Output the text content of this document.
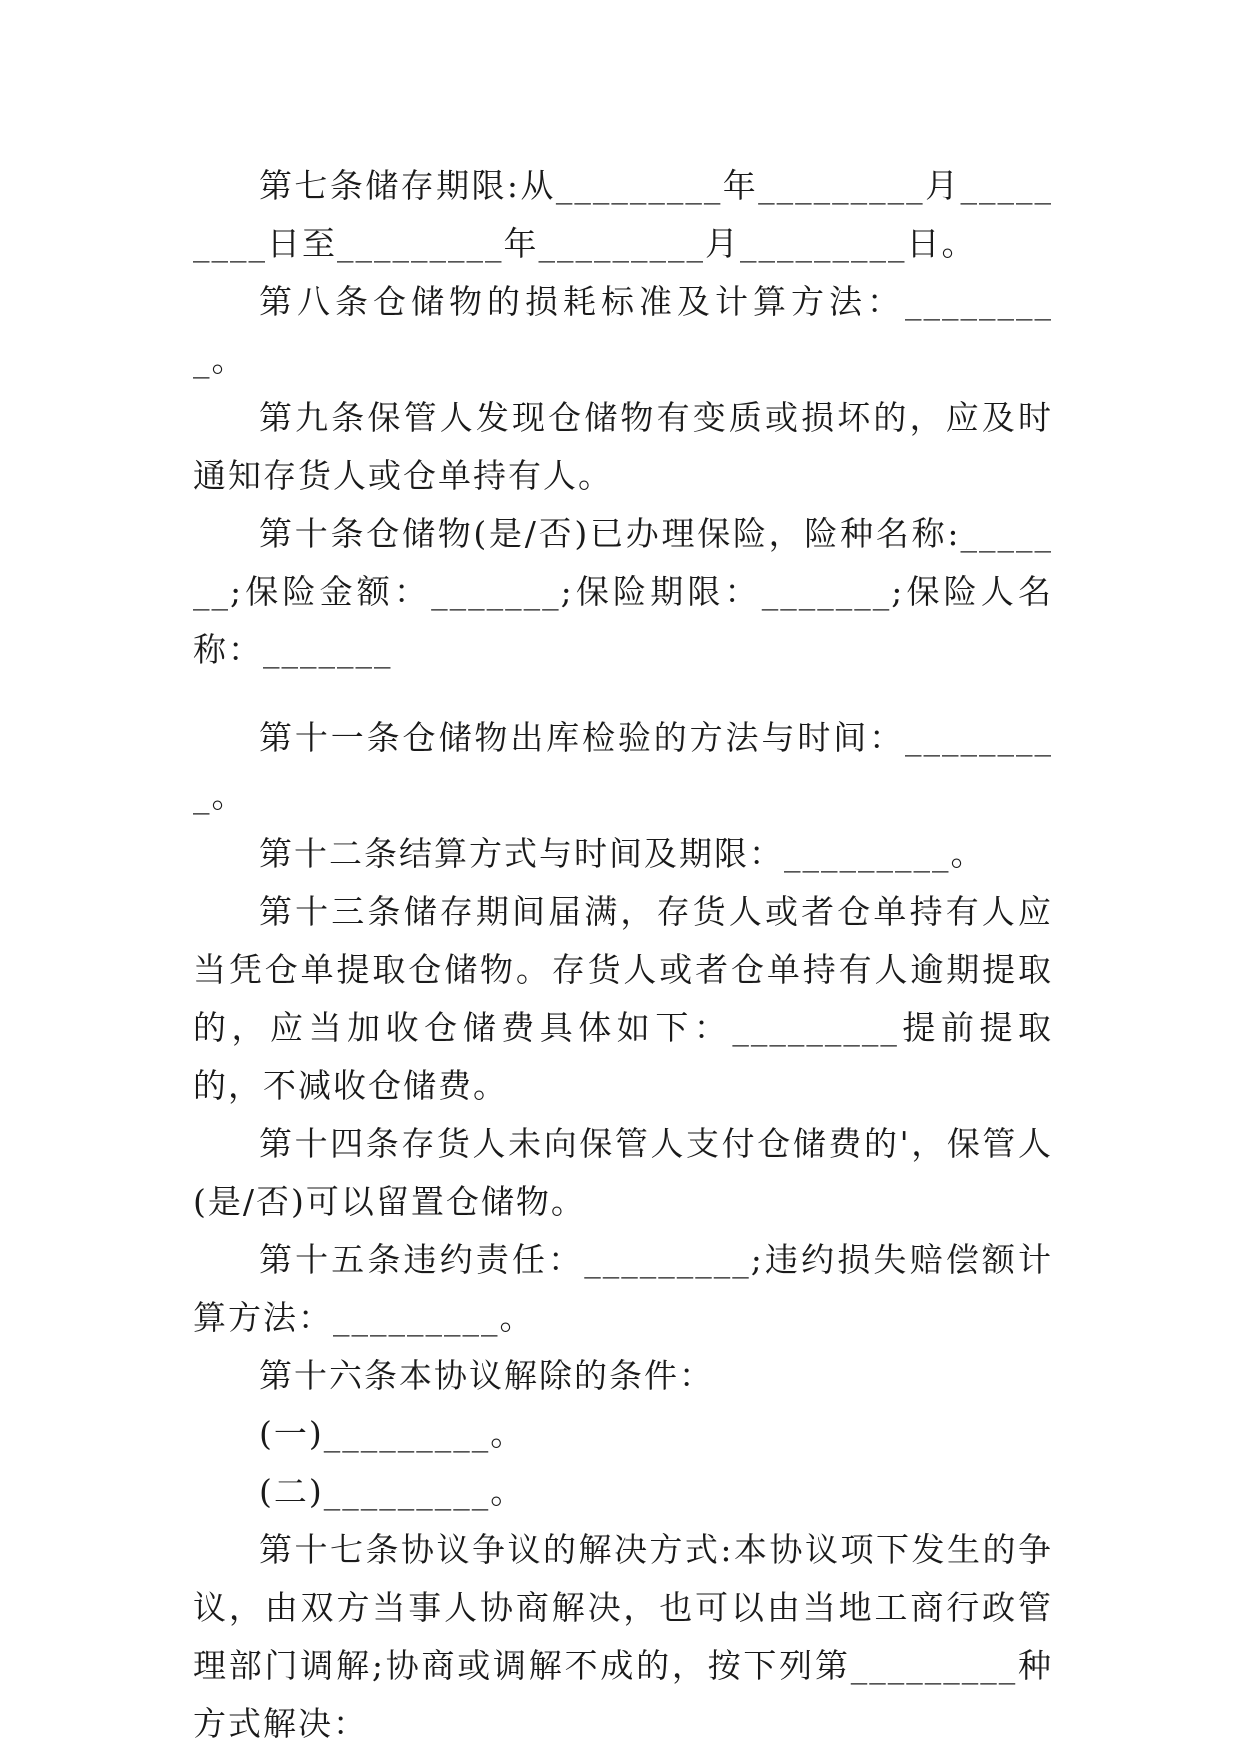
第七条储存期限:从_________年_________月_________日至_________年_________月_________日。

第八条仓储物的损耗标准及计算方法：_________。

第九条保管人发现仓储物有变质或损坏的，应及时通知存货人或仓单持有人。

第十条仓储物(是/否)已办理保险，险种名称:_______;保险金额：_______;保险期限：_______;保险人名称：_______

第十一条仓储物出库检验的方法与时间：_________。

第十二条结算方式与时间及期限：_________。

第十三条储存期间届满，存货人或者仓单持有人应当凭仓单提取仓储物。存货人或者仓单持有人逾期提取的，应当加收仓储费具体如下：_________提前提取的，不减收仓储费。

第十四条存货人未向保管人支付仓储费的'，保管人(是/否)可以留置仓储物。

第十五条违约责任：_________;违约损失赔偿额计算方法：_________。

第十六条本协议解除的条件：

(一)_________。

(二)_________。

第十七条协议争议的解决方式:本协议项下发生的争议，由双方当事人协商解决，也可以由当地工商行政管理部门调解;协商或调解不成的，按下列第_________种方式解决：
